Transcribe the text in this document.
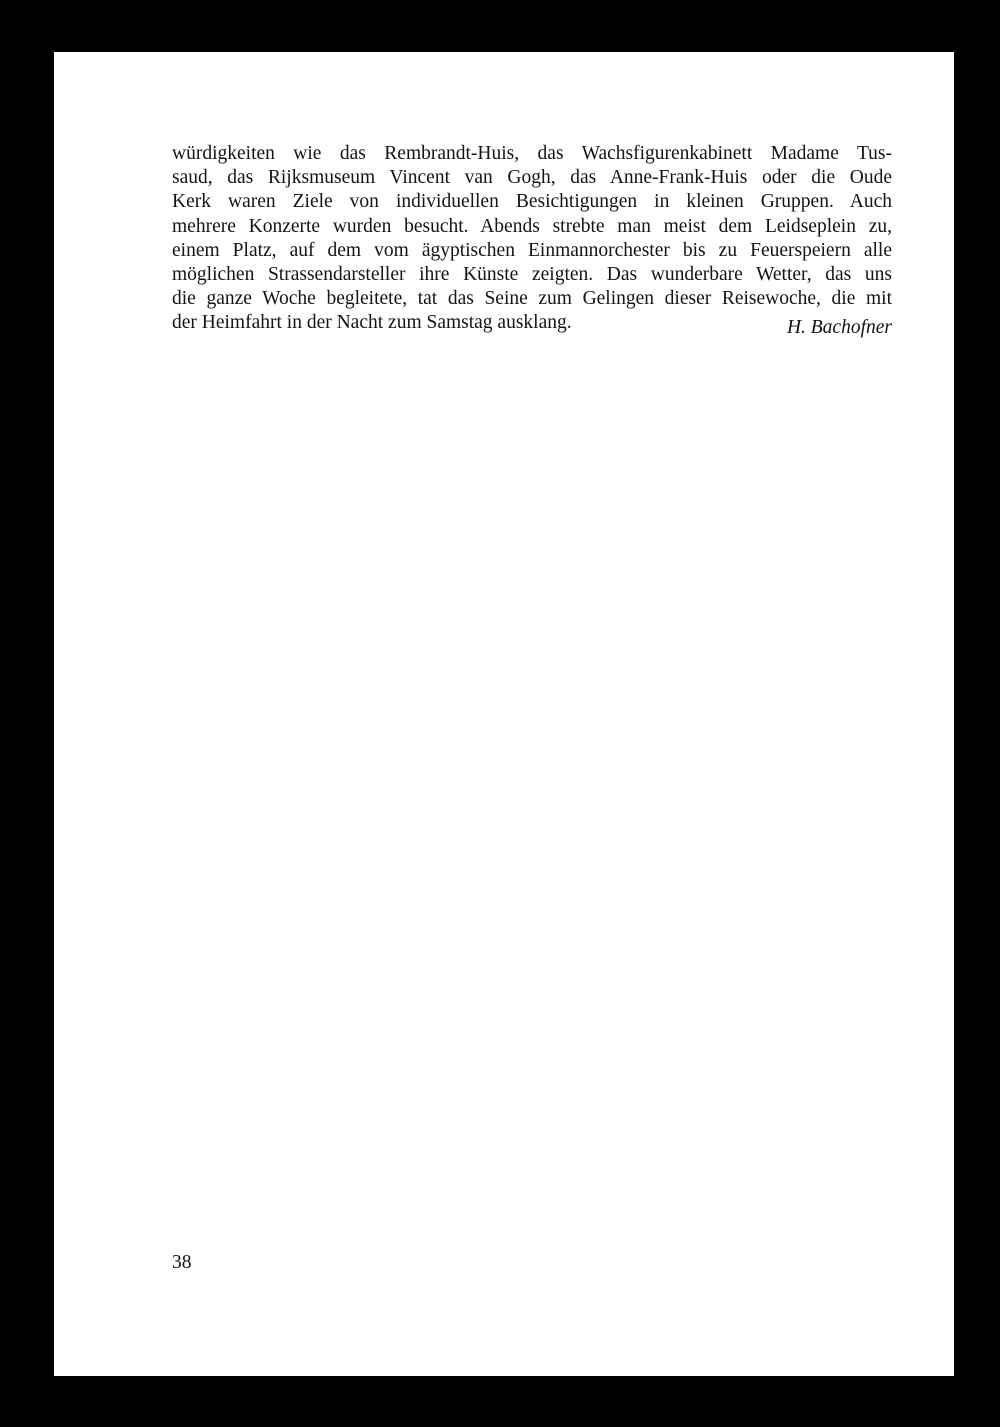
würdigkeiten wie das Rembrandt-Huis, das Wachsfigurenkabinett Madame Tus-
saud, das Rijksmuseum Vincent van Gogh, das Anne-Frank-Huis oder die Oude
Kerk waren Ziele von individuellen Besichtigungen in kleinen Gruppen. Auch
mehrere Konzerte wurden besucht. Abends strebte man meist dem Leidseplein zu,
einem Platz, auf dem vom ägyptischen Einmannorchester bis zu Feuerspeiern alle
möglichen Strassendarsteller ihre Künste zeigten. Das wunderbare Wetter, das uns
die ganze Woche begleitete, tat das Seine zum Gelingen dieser Reisewoche, die mit
der Heimfahrt in der Nacht zum Samstag ausklang.	H. Bachofner
38
